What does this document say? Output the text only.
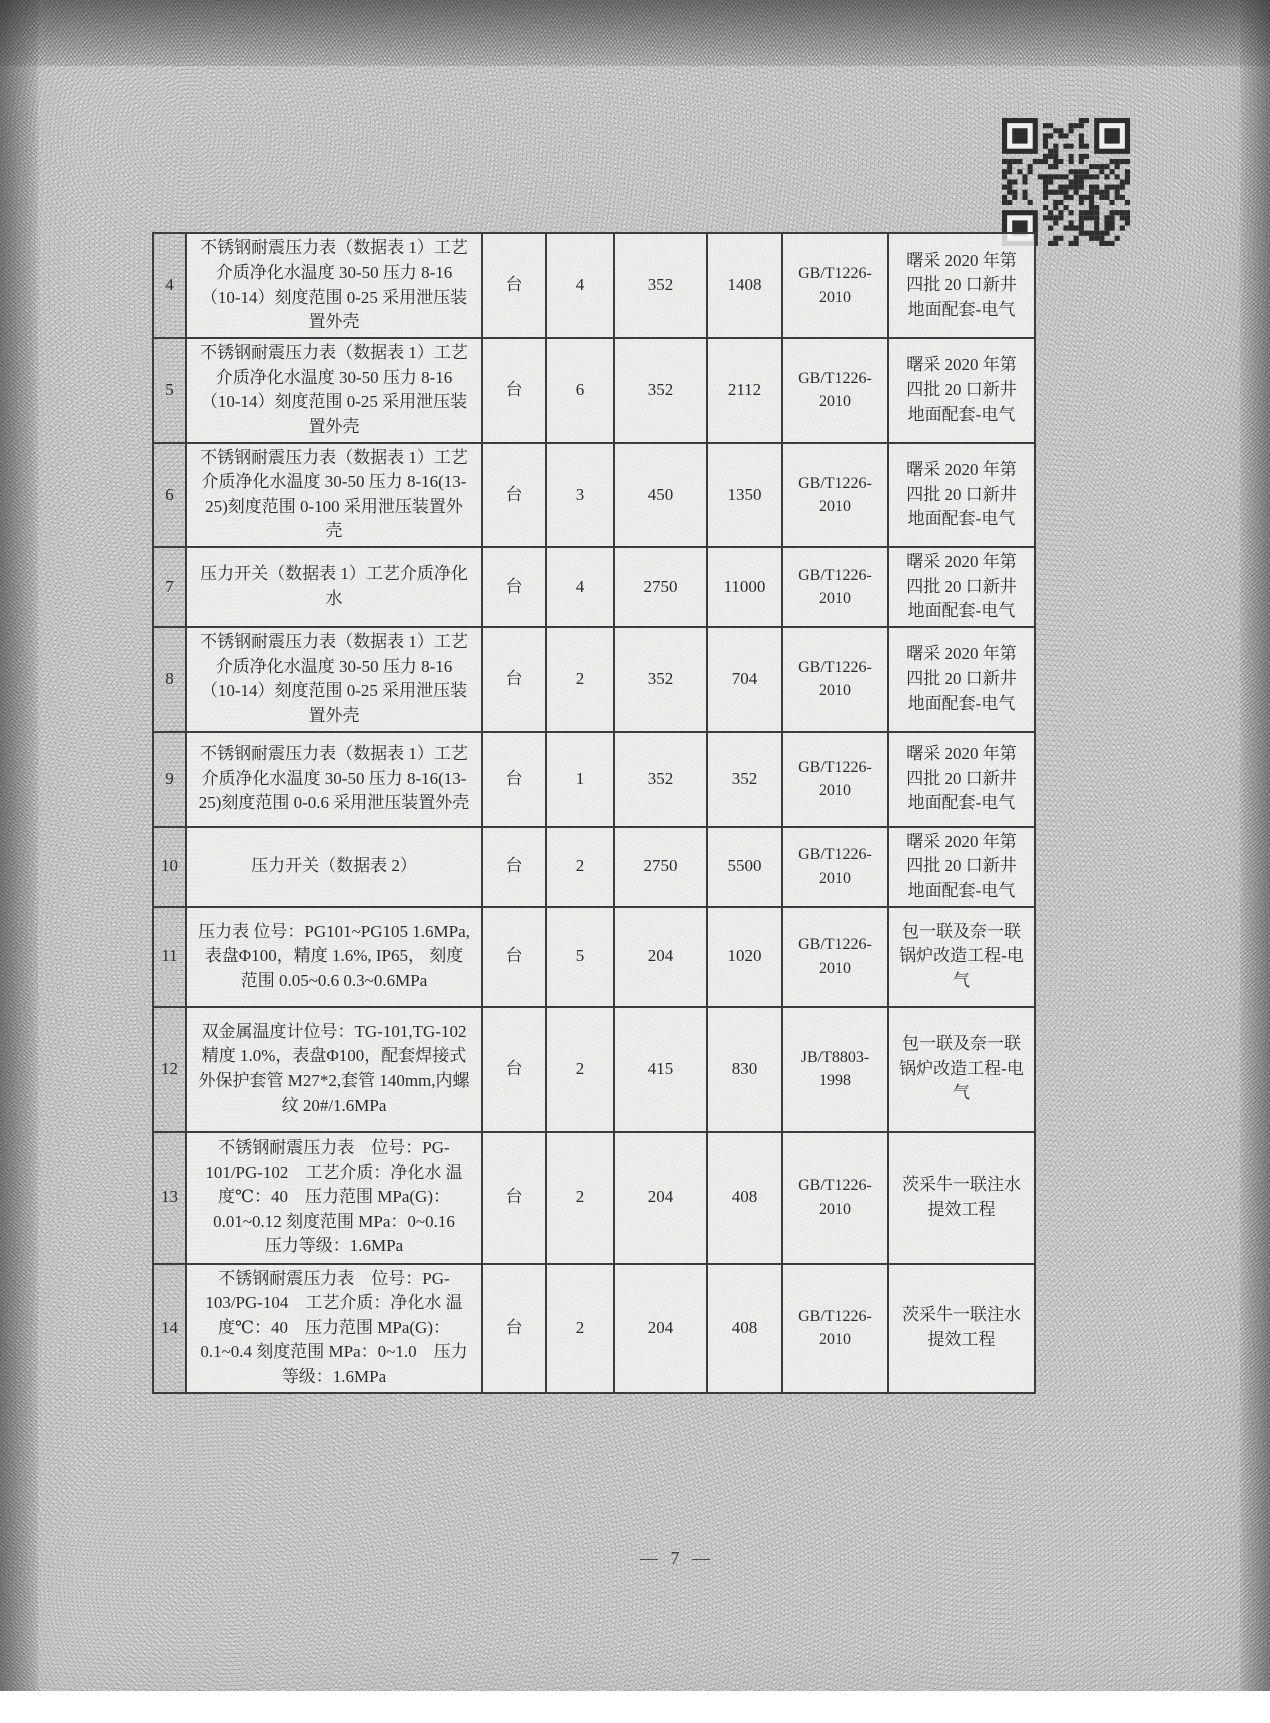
4	不锈钢耐震压力表（数据表 1）工艺介质净化水温度 30-50 压力 8-16（10-14）刻度范围 0-25 采用泄压装置外壳	台	4	352	1408	GB/T1226-2010	曙采 2020 年第四批 20 口新井地面配套-电气
5	不锈钢耐震压力表（数据表 1）工艺介质净化水温度 30-50 压力 8-16（10-14）刻度范围 0-25 采用泄压装置外壳	台	6	352	2112	GB/T1226-2010	曙采 2020 年第四批 20 口新井地面配套-电气
6	不锈钢耐震压力表（数据表 1）工艺介质净化水温度 30-50 压力 8-16(13-25)刻度范围 0-100 采用泄压装置外壳	台	3	450	1350	GB/T1226-2010	曙采 2020 年第四批 20 口新井地面配套-电气
7	压力开关（数据表 1）工艺介质净化水	台	4	2750	11000	GB/T1226-2010	曙采 2020 年第四批 20 口新井地面配套-电气
8	不锈钢耐震压力表（数据表 1）工艺介质净化水温度 30-50 压力 8-16（10-14）刻度范围 0-25 采用泄压装置外壳	台	2	352	704	GB/T1226-2010	曙采 2020 年第四批 20 口新井地面配套-电气
9	不锈钢耐震压力表（数据表 1）工艺介质净化水温度 30-50 压力 8-16(13-25)刻度范围 0-0.6 采用泄压装置外壳	台	1	352	352	GB/T1226-2010	曙采 2020 年第四批 20 口新井地面配套-电气
10	压力开关（数据表 2）	台	2	2750	5500	GB/T1226-2010	曙采 2020 年第四批 20 口新井地面配套-电气
11	压力表 位号：PG101~PG105 1.6MPa,表盘Φ100，精度 1.6%, IP65， 刻度范围 0.05~0.6 0.3~0.6MPa	台	5	204	1020	GB/T1226-2010	包一联及奈一联锅炉改造工程-电气
12	双金属温度计位号：TG-101,TG-102 精度 1.0%，表盘Φ100，配套焊接式外保护套管 M27*2,套管 140mm,内螺纹 20#/1.6MPa	台	2	415	830	JB/T8803-1998	包一联及奈一联锅炉改造工程-电气
13	不锈钢耐震压力表　位号：PG-101/PG-102　工艺介质：净化水 温度℃：40　压力范围 MPa(G)：0.01~0.12 刻度范围 MPa：0~0.16　压力等级：1.6MPa	台	2	204	408	GB/T1226-2010	茨采牛一联注水提效工程
14	不锈钢耐震压力表　位号：PG-103/PG-104　工艺介质：净化水 温度℃：40　压力范围 MPa(G)：0.1~0.4 刻度范围 MPa：0~1.0　压力等级：1.6MPa	台	2	204	408	GB/T1226-2010	茨采牛一联注水提效工程
— 7 —
